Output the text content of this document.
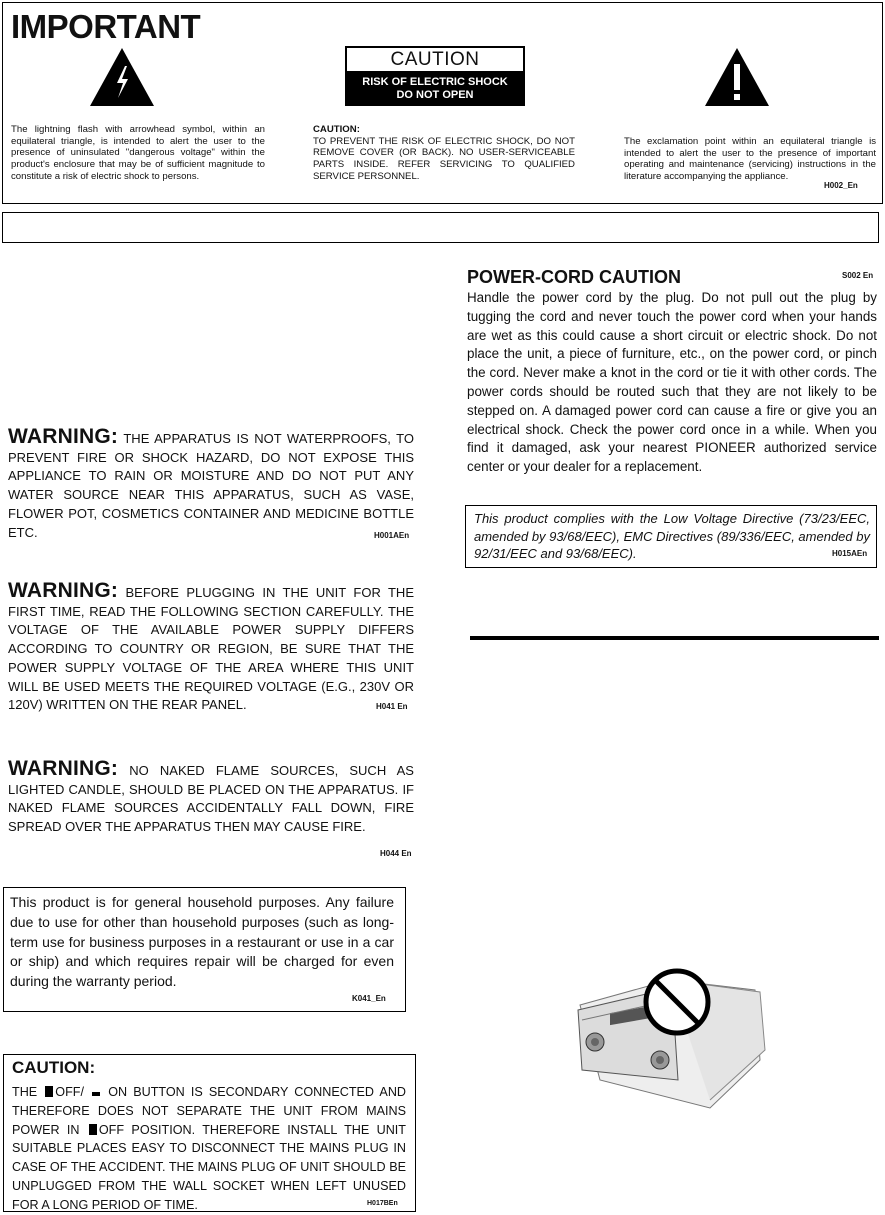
IMPORTANT
CAUTION
RISK OF ELECTRIC SHOCK
DO NOT OPEN
The lightning flash with arrowhead symbol, within an equilateral triangle, is intended to alert the user to the presence of uninsulated "dangerous voltage" within the product's enclosure that may be of sufficient magnitude to constitute a risk of electric shock to persons.
CAUTION:
TO PREVENT THE RISK OF ELECTRIC SHOCK, DO NOT REMOVE COVER (OR BACK). NO USER-SERVICEABLE PARTS INSIDE. REFER SERVICING TO QUALIFIED SERVICE PERSONNEL.
The exclamation point within an equilateral triangle is intended to alert the user to the presence of important operating and maintenance (servicing) instructions in the literature accompanying the appliance.
H002_En
WARNING: THE APPARATUS IS NOT WATERPROOFS, TO PREVENT FIRE OR SHOCK HAZARD, DO NOT EXPOSE THIS APPLIANCE TO RAIN OR MOISTURE AND DO NOT PUT ANY WATER SOURCE NEAR THIS APPARATUS, SUCH AS VASE, FLOWER POT, COSMETICS CONTAINER AND MEDICINE BOTTLE ETC.	H001AEn
WARNING: BEFORE PLUGGING IN THE UNIT FOR THE FIRST TIME, READ THE FOLLOWING SECTION CAREFULLY. THE VOLTAGE OF THE AVAILABLE POWER SUPPLY DIFFERS ACCORDING TO COUNTRY OR REGION, BE SURE THAT THE POWER SUPPLY VOLTAGE OF THE AREA WHERE THIS UNIT WILL BE USED MEETS THE REQUIRED VOLTAGE (E.G., 230V OR 120V) WRITTEN ON THE REAR PANEL.	H041 En
WARNING: NO NAKED FLAME SOURCES, SUCH AS LIGHTED CANDLE, SHOULD BE PLACED ON THE APPARATUS. IF NAKED FLAME SOURCES ACCIDENTALLY FALL DOWN, FIRE SPREAD OVER THE APPARATUS THEN MAY CAUSE FIRE.
H044 En
This product is for general household purposes. Any failure due to use for other than household purposes (such as long-term use for business purposes in a restaurant or use in a car or ship) and which requires repair will be charged for even during the warranty period.
K041_En
CAUTION:
THE OFF/ ON BUTTON IS SECONDARY CONNECTED AND THEREFORE DOES NOT SEPARATE THE UNIT FROM MAINS POWER IN OFF POSITION. THEREFORE INSTALL THE UNIT SUITABLE PLACES EASY TO DISCONNECT THE MAINS PLUG IN CASE OF THE ACCIDENT. THE MAINS PLUG OF UNIT SHOULD BE UNPLUGGED FROM THE WALL SOCKET WHEN LEFT UNUSED FOR A LONG PERIOD OF TIME.	H017BEn
POWER-CORD CAUTION	S002 En
Handle the power cord by the plug. Do not pull out the plug by tugging the cord and never touch the power cord when your hands are wet as this could cause a short circuit or electric shock. Do not place the unit, a piece of furniture, etc., on the power cord, or pinch the cord. Never make a knot in the cord or tie it with other cords. The power cords should be routed such that they are not likely to be stepped on. A damaged power cord can cause a fire or give you an electrical shock. Check the power cord once in a while. When you find it damaged, ask your nearest PIONEER authorized service center or your dealer for a replacement.
This product complies with the Low Voltage Directive (73/23/EEC, amended by 93/68/EEC), EMC Directives (89/336/EEC, amended by 92/31/EEC and 93/68/EEC).	H015AEn
